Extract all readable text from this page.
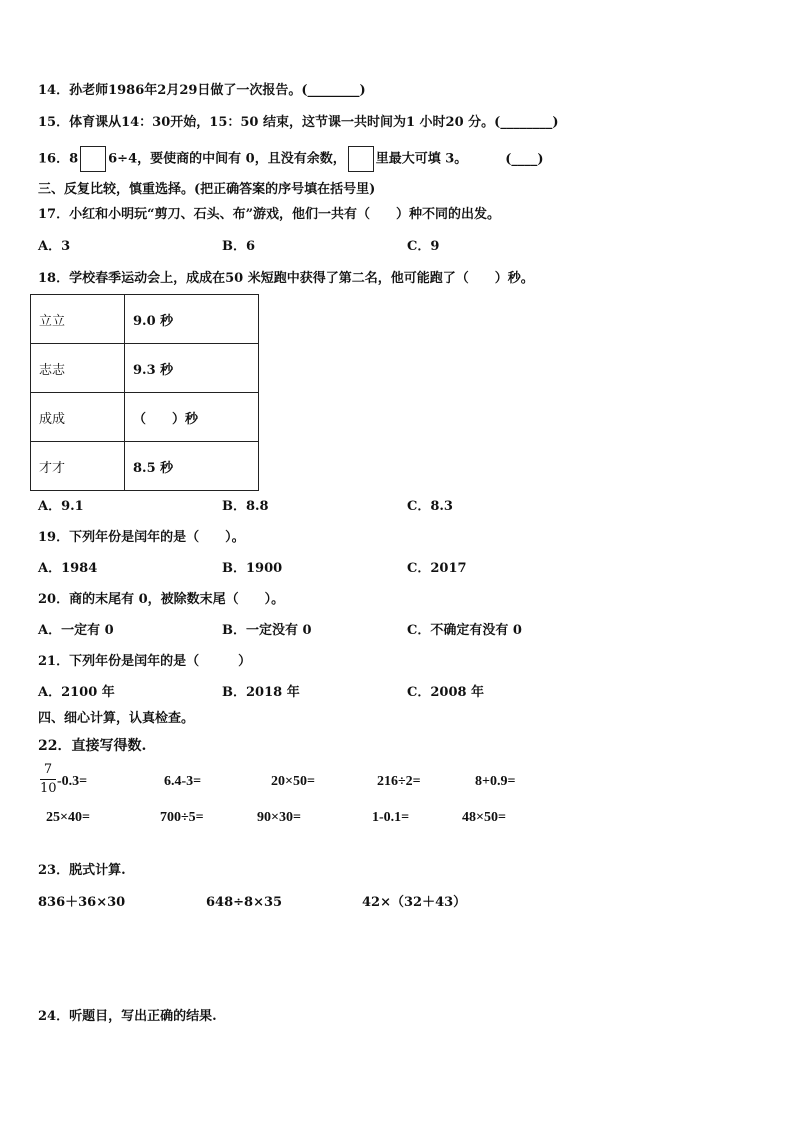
14．孙老师1986年2月29日做了一次报告。(________)
15．体育课从14：30开始，15：50 结束，这节课一共时间为1 小时20 分。(________)
16．8 6÷4，要使商的中间有 0，且没有余数， 里最大可填 3。	(____)
三、反复比较，慎重选择。(把正确答案的序号填在括号里)
17．小红和小明玩“剪刀、石头、布”游戏，他们一共有（　　）种不同的出发。
A．3	B．6	C．9
18．学校春季运动会上，成成在50 米短跑中获得了第二名，他可能跑了（　　）秒。
立立	9.0 秒
志志	9.3 秒
成成	（　　）秒
才才	8.5 秒
A．9.1	B．8.8	C．8.3
19．下列年份是闰年的是（　　）。
A．1984	B．1900	C．2017
20．商的末尾有 0，被除数末尾（　　）。
A．一定有 0	B．一定没有 0	C．不确定有没有 0
21．下列年份是闰年的是（　　　）
A．2100 年	B．2018 年	C．2008 年
四、细心计算，认真检查。
22．直接写得数.
7
10 -0.3=	6.4-3=	20×50=	216÷2=	8+0.9=
25×40=	700÷5=	90×30=	1-0.1=	48×50=
23．脱式计算.
836＋36×30	648÷8×35	42×（32＋43）
24．听题目，写出正确的结果.
